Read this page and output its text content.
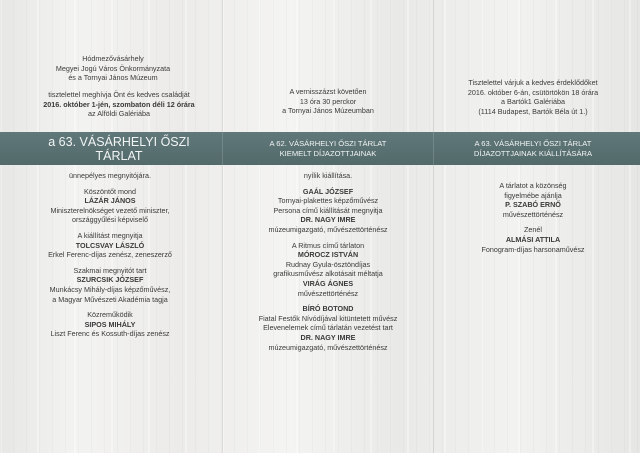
Hódmezővásárhely

Megyei Jogú Város Önkormányzata

és a Tornyai János Múzeum

tisztelettel meghívja Önt és kedves családját

2016. október 1-jén, szombaton déli 12 órára

az Alföldi Galériába

A vernisszázst követően

13 óra 30 perckor

a Tornyai János Múzeumban

Tisztelettel várjuk a kedves érdeklődőket

2016. október 6-án, csütörtökön 18 órára

a Bartók1 Galériába

(1114 Budapest, Bartók Béla út 1.)

a 63. VÁSÁRHELYI ŐSZI TÁRLAT
A 62. VÁSÁRHELYI ŐSZI TÁRLAT
KIEMELT DÍJAZOTTJAINAK
A 63. VÁSÁRHELYI ŐSZI TÁRLAT
DÍJAZOTTJAINAK KIÁLLÍTÁSÁRA

ünnepélyes megnyitójára.

Köszöntőt mond

LÁZÁR JÁNOS

Miniszterelnökséget vezető miniszter,

országgyűlési képviselő

A kiállítást megnyitja

TOLCSVAY LÁSZLÓ

Erkel Ferenc-díjas zenész, zeneszerző

Szakmai megnyitót tart

SZURCSIK JÓZSEF

Munkácsy Mihály-díjas képzőművész,

a Magyar Művészeti Akadémia tagja

Közreműködik

SIPOS MIHÁLY

Liszt Ferenc és Kossuth-díjas zenész

nyílik kiállítása.

GAÁL JÓZSEF

Tornyai-plakettes képzőművész

Persona című kiállítását megnyitja

DR. NAGY IMRE

múzeumigazgató, művészettörténész

A Ritmus című tárlaton

MÓROCZ ISTVÁN

Rudnay Gyula-ösztöndíjas

grafikusművész alkotásait méltatja

VIRÁG ÁGNES

művészettörténész

BÍRÓ BOTOND

Fiatal Festők Nívódíjával kitüntetett művész

Elevenelemek című tárlatán vezetést tart

DR. NAGY IMRE

múzeumigazgató, művészettörténész

A tárlatot a közönség

figyelmébe ajánlja

P. SZABÓ ERNŐ

művészettörténész

Zenél

ALMÁSI ATTILA

Fonogram-díjas harsonaművész
